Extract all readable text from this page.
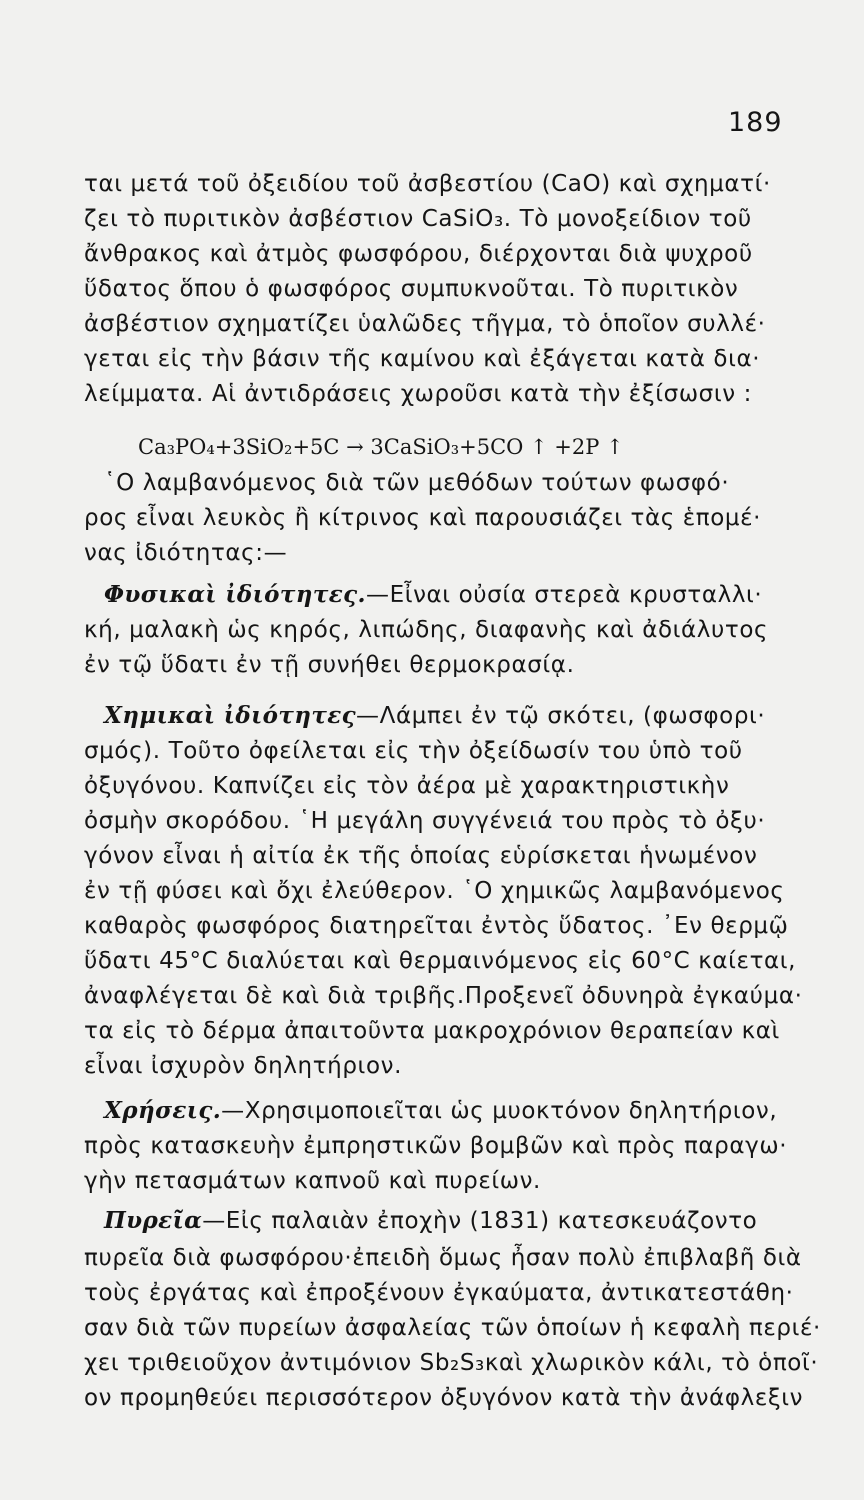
189
ται μετά τοῦ ὀξειδίου τοῦ ἀσβεστίου (CaO) καὶ σχηματί·
ζει τὸ πυριτικὸν ἀσβέστιον CaSiO₃. Τὸ μονοξείδιον τοῦ
ἄνθρακος καὶ ἀτμὸς φωσφόρου, διέρχονται διὰ ψυχροῦ
ὕδατος ὅπου ὁ φωσφόρος συμπυκνοῦται. Τὸ πυριτικὸν
ἀσβέστιον σχηματίζει ὑαλῶδες τῆγμα, τὸ ὁποῖον συλλέ·
γεται εἰς τὴν βάσιν τῆς καμίνου καὶ ἐξάγεται κατὰ δια·
λείμματα. Αἱ ἀντιδράσεις χωροῦσι κατὰ τὴν ἐξίσωσιν :
Ca₃PO₄+3SiO₂+5C → 3CaSiO₃+5CO ↑ +2P ↑
῾Ο λαμβανόμενος διὰ τῶν μεθόδων τούτων φωσφό·
ρος εἶναι λευκὸς ἢ κίτρινος καὶ παρουσιάζει τὰς ἑπομέ·
νας ἰδιότητας:—
Φυσικαὶ ἰδιότητες. —Εἶναι οὐσία στερεὰ κρυσταλλι·
κή, μαλακὴ ὡς κηρός, λιπώδης, διαφανὴς καὶ ἀδιάλυτος
ἐν τῷ ὕδατι ἐν τῇ συνήθει θερμοκρασίᾳ.
Χημικαὶ ἰδιότητες —Λάμπει ἐν τῷ σκότει, (φωσφορι·
σμός). Τοῦτο ὀφείλεται εἰς τὴν ὀξείδωσίν του ὑπὸ τοῦ
ὀξυγόνου. Καπνίζει εἰς τὸν ἀέρα μὲ χαρακτηριστικὴν
ὀσμὴν σκορόδου. ῾Η μεγάλη συγγένειά του πρὸς τὸ ὀξυ·
γόνον εἶναι ἡ αἰτία ἐκ τῆς ὁποίας εὑρίσκεται ἡνωμένον
ἐν τῇ φύσει καὶ ὄχι ἐλεύθερον. ῾Ο χημικῶς λαμβανόμενος
καθαρὸς φωσφόρος διατηρεῖται ἐντὸς ὕδατος. ᾿Εν θερμῷ
ὕδατι 45°C διαλύεται καὶ θερμαινόμενος εἰς 60°C καίεται,
ἀναφλέγεται δὲ καὶ διὰ τριβῆς.Προξενεῖ ὀδυνηρὰ ἐγκαύμα·
τα εἰς τὸ δέρμα ἀπαιτοῦντα μακροχρόνιον θεραπείαν καὶ
εἶναι ἰσχυρὸν δηλητήριον.
Χρήσεις. —Χρησιμοποιεῖται ὡς μυοκτόνον δηλητήριον,
πρὸς κατασκευὴν ἐμπρηστικῶν βομβῶν καὶ πρὸς παραγω·
γὴν πετασμάτων καπνοῦ καὶ πυρείων.
Πυρεῖα —Εἰς παλαιὰν ἐποχὴν (1831) κατεσκευάζοντο
πυρεῖα διὰ φωσφόρου·ἐπειδὴ ὅμως ἦσαν πολὺ ἐπιβλαβῆ διὰ
τοὺς ἐργάτας καὶ ἐπροξένουν ἐγκαύματα, ἀντικατεστάθη·
σαν διὰ τῶν πυρείων ἀσφαλείας τῶν ὁποίων ἡ κεφαλὴ περιέ·
χει τριθειοῦχον ἀντιμόνιον Sb₂S₃καὶ χλωρικὸν κάλι, τὸ ὁποῖ·
ον προμηθεύει περισσότερον ὀξυγόνον κατὰ τὴν ἀνάφλεξιν
